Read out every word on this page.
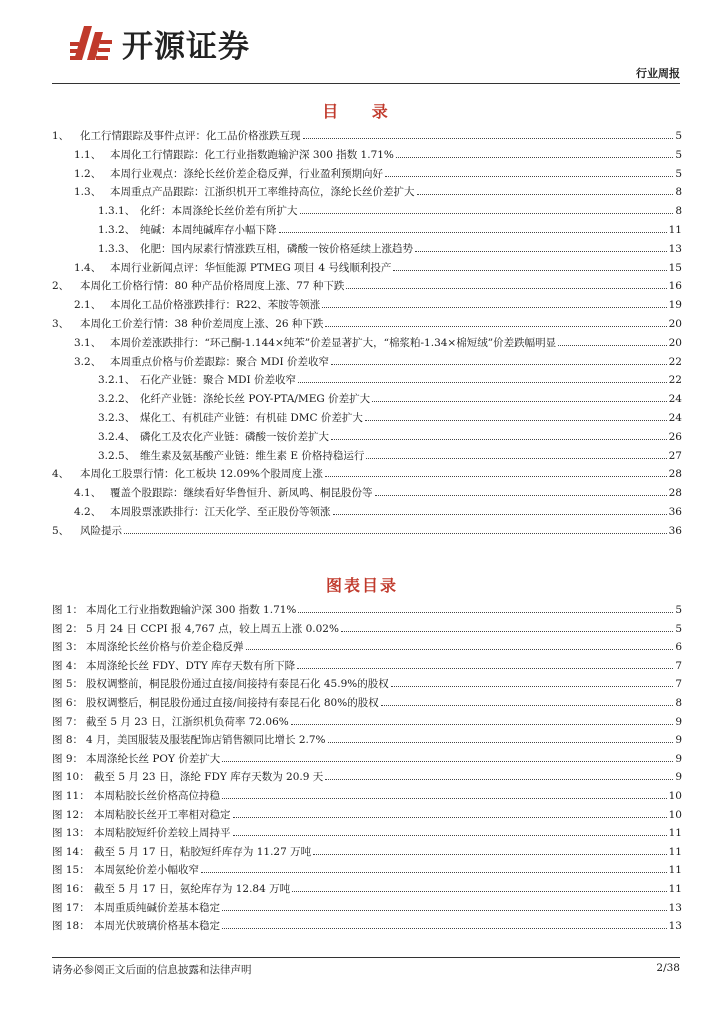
开源证券
行业周报
目 录
1、	化工行情跟踪及事件点评：化工品价格涨跌互现	5
1.1、 本周化工行情跟踪：化工行业指数跑输沪深 300 指数 1.71%	5
1.2、 本周行业观点：涤纶长丝价差企稳反弹，行业盈利预期向好	5
1.3、 本周重点产品跟踪：江浙织机开工率维持高位，涤纶长丝价差扩大	8
1.3.1、 化纤：本周涤纶长丝价差有所扩大	8
1.3.2、 纯碱：本周纯碱库存小幅下降	11
1.3.3、 化肥：国内尿素行情涨跌互相，磷酸一铵价格延续上涨趋势	13
1.4、 本周行业新闻点评：华恒能源 PTMEG 项目 4 号线顺利投产	15
2、	本周化工价格行情：80 种产品价格周度上涨、77 种下跌	16
2.1、 本周化工品价格涨跌排行：R22、苯胺等领涨	19
3、	本周化工价差行情：38 种价差周度上涨、26 种下跌	20
3.1、 本周价差涨跌排行：“环己酮-1.144×纯苯”价差显著扩大，“棉浆粕-1.34×棉短绒”价差跌幅明显	20
3.2、 本周重点价格与价差跟踪：聚合 MDI 价差收窄	22
3.2.1、 石化产业链：聚合 MDI 价差收窄	22
3.2.2、 化纤产业链：涤纶长丝 POY-PTA/MEG 价差扩大	24
3.2.3、 煤化工、有机硅产业链：有机硅 DMC 价差扩大	24
3.2.4、 磷化工及农化产业链：磷酸一铵价差扩大	26
3.2.5、 维生素及氨基酸产业链：维生素 E 价格持稳运行	27
4、	本周化工股票行情：化工板块 12.09%个股周度上涨	28
4.1、 覆盖个股跟踪：继续看好华鲁恒升、新凤鸣、桐昆股份等	28
4.2、 本周股票涨跌排行：江天化学、至正股份等领涨	36
5、	风险提示	36
图表目录
图 1： 本周化工行业指数跑输沪深 300 指数 1.71%	5
图 2： 5 月 24 日 CCPI 报 4,767 点，较上周五上涨 0.02%	5
图 3： 本周涤纶长丝价格与价差企稳反弹	6
图 4： 本周涤纶长丝 FDY、DTY 库存天数有所下降	7
图 5： 股权调整前，桐昆股份通过直接/间接持有泰昆石化 45.9%的股权	7
图 6： 股权调整后，桐昆股份通过直接/间接持有泰昆石化 80%的股权	8
图 7： 截至 5 月 23 日，江浙织机负荷率 72.06%	9
图 8： 4 月，美国服装及服装配饰店销售额同比增长 2.7%	9
图 9： 本周涤纶长丝 POY 价差扩大	9
图 10： 截至 5 月 23 日，涤纶 FDY 库存天数为 20.9 天	9
图 11： 本周粘胶长丝价格高位持稳	10
图 12： 本周粘胶长丝开工率相对稳定	10
图 13： 本周粘胶短纤价差较上周持平	11
图 14： 截至 5 月 17 日，粘胶短纤库存为 11.27 万吨	11
图 15： 本周氨纶价差小幅收窄	11
图 16： 截至 5 月 17 日，氨纶库存为 12.84 万吨	11
图 17： 本周重质纯碱价差基本稳定	13
图 18： 本周光伏玻璃价格基本稳定	13
请务必参阅正文后面的信息披露和法律声明	2/38
